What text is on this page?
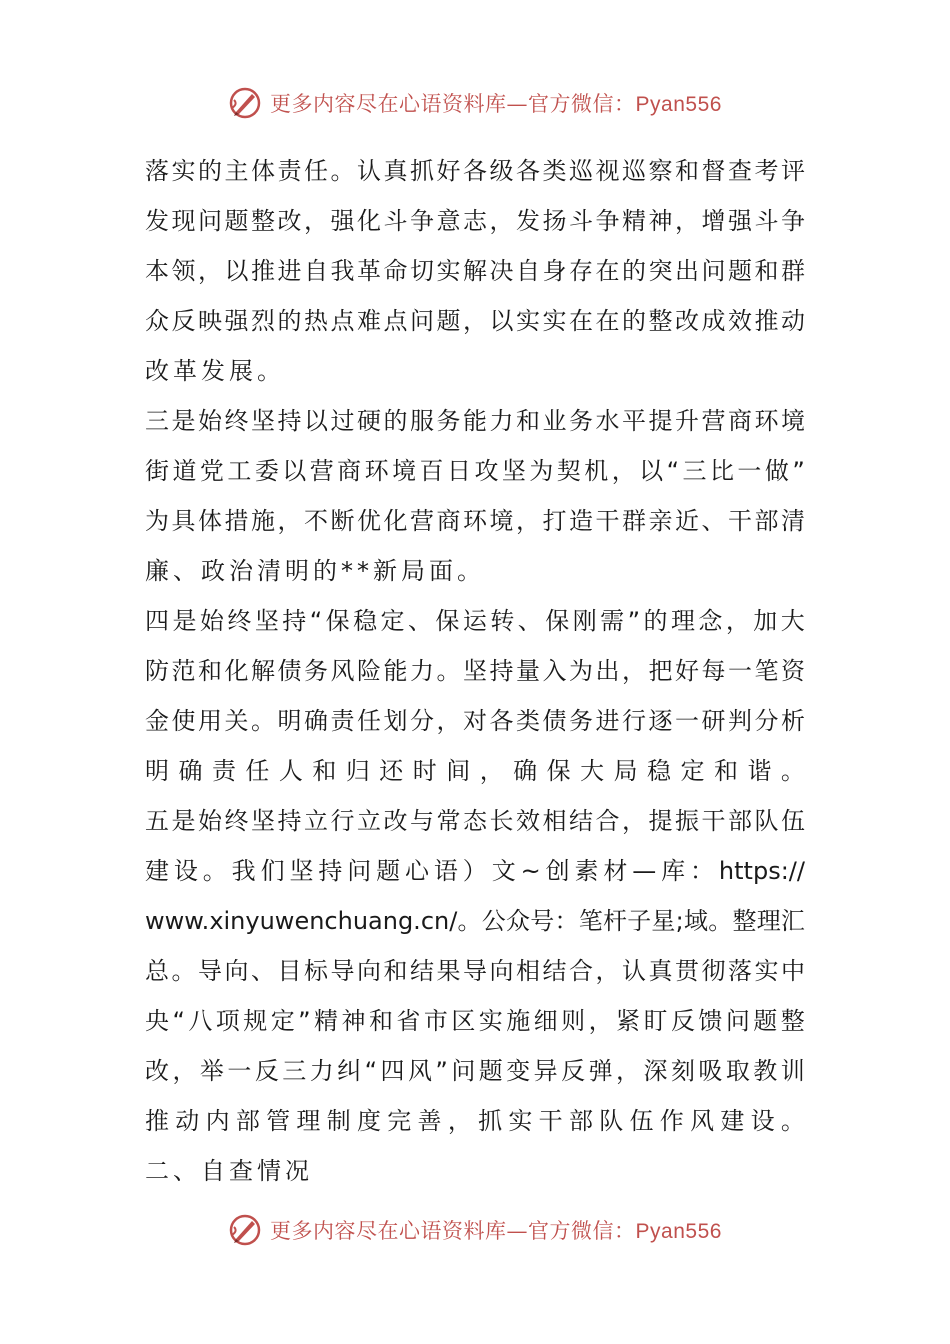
更多内容尽在心语资料库—官方微信：Pyan556
落 实 的 主 体 责 任 。 认 真 抓 好 各 级 各 类 巡 视 巡 察 和 督 查 考 评
发 现 问 题 整 改 ， 强 化 斗 争 意 志 ， 发 扬 斗 争 精 神 ， 增 强 斗 争
本 领 ， 以 推 进 自 我 革 命 切 实 解 决 自 身 存 在 的 突 出 问 题 和 群
众 反 映 强 烈 的 热 点 难 点 问 题 ， 以 实 实 在 在 的 整 改 成 效 推 动
改革发展。
三 是 始 终 坚 持 以 过 硬 的 服 务 能 力 和 业 务 水 平 提 升 营 商 环 境
街 道 党 工 委 以 营 商 环 境 百 日 攻 坚 为 契 机 ， 以 “ 三 比 一 做 ”
为 具 体 措 施 ， 不 断 优 化 营 商 环 境 ， 打 造 干 群 亲 近 、 干 部 清
廉、政治清明的**新局面。
四 是 始 终 坚 持 “ 保 稳 定 、 保 运 转 、 保 刚 需 ” 的 理 念 ， 加 大
防 范 和 化 解 债 务 风 险 能 力 。 坚 持 量 入 为 出 ， 把 好 每 一 笔 资
金 使 用 关 。 明 确 责 任 划 分 ， 对 各 类 债 务 进 行 逐 一 研 判 分 析
明 确 责 任 人 和 归 还 时 间 ， 确 保 大 局 稳 定 和 谐 。
五 是 始 终 坚 持 立 行 立 改 与 常 态 长 效 相 结 合 ， 提 振 干 部 队 伍
建 设 。 我 们 坚 持 问 题 心 语 ） 文 ~ 创 素 材 — 库 ： https://
www.xinyuwenchuang.cn/ 。 公 众 号 ： 笔 杆 子 星 ; 域 。 整 理 汇
总 。 导 向 、 目 标 导 向 和 结 果 导 向 相 结 合 ， 认 真 贯 彻 落 实 中
央 “ 八 项 规 定 ” 精 神 和 省 市 区 实 施 细 则 ， 紧 盯 反 馈 问 题 整
改 ， 举 一 反 三 力 纠 “ 四 风 ” 问 题 变 异 反 弹 ， 深 刻 吸 取 教 训
推 动 内 部 管 理 制 度 完 善 ， 抓 实 干 部 队 伍 作 风 建 设 。
二、自查情况
更多内容尽在心语资料库—官方微信：Pyan556
